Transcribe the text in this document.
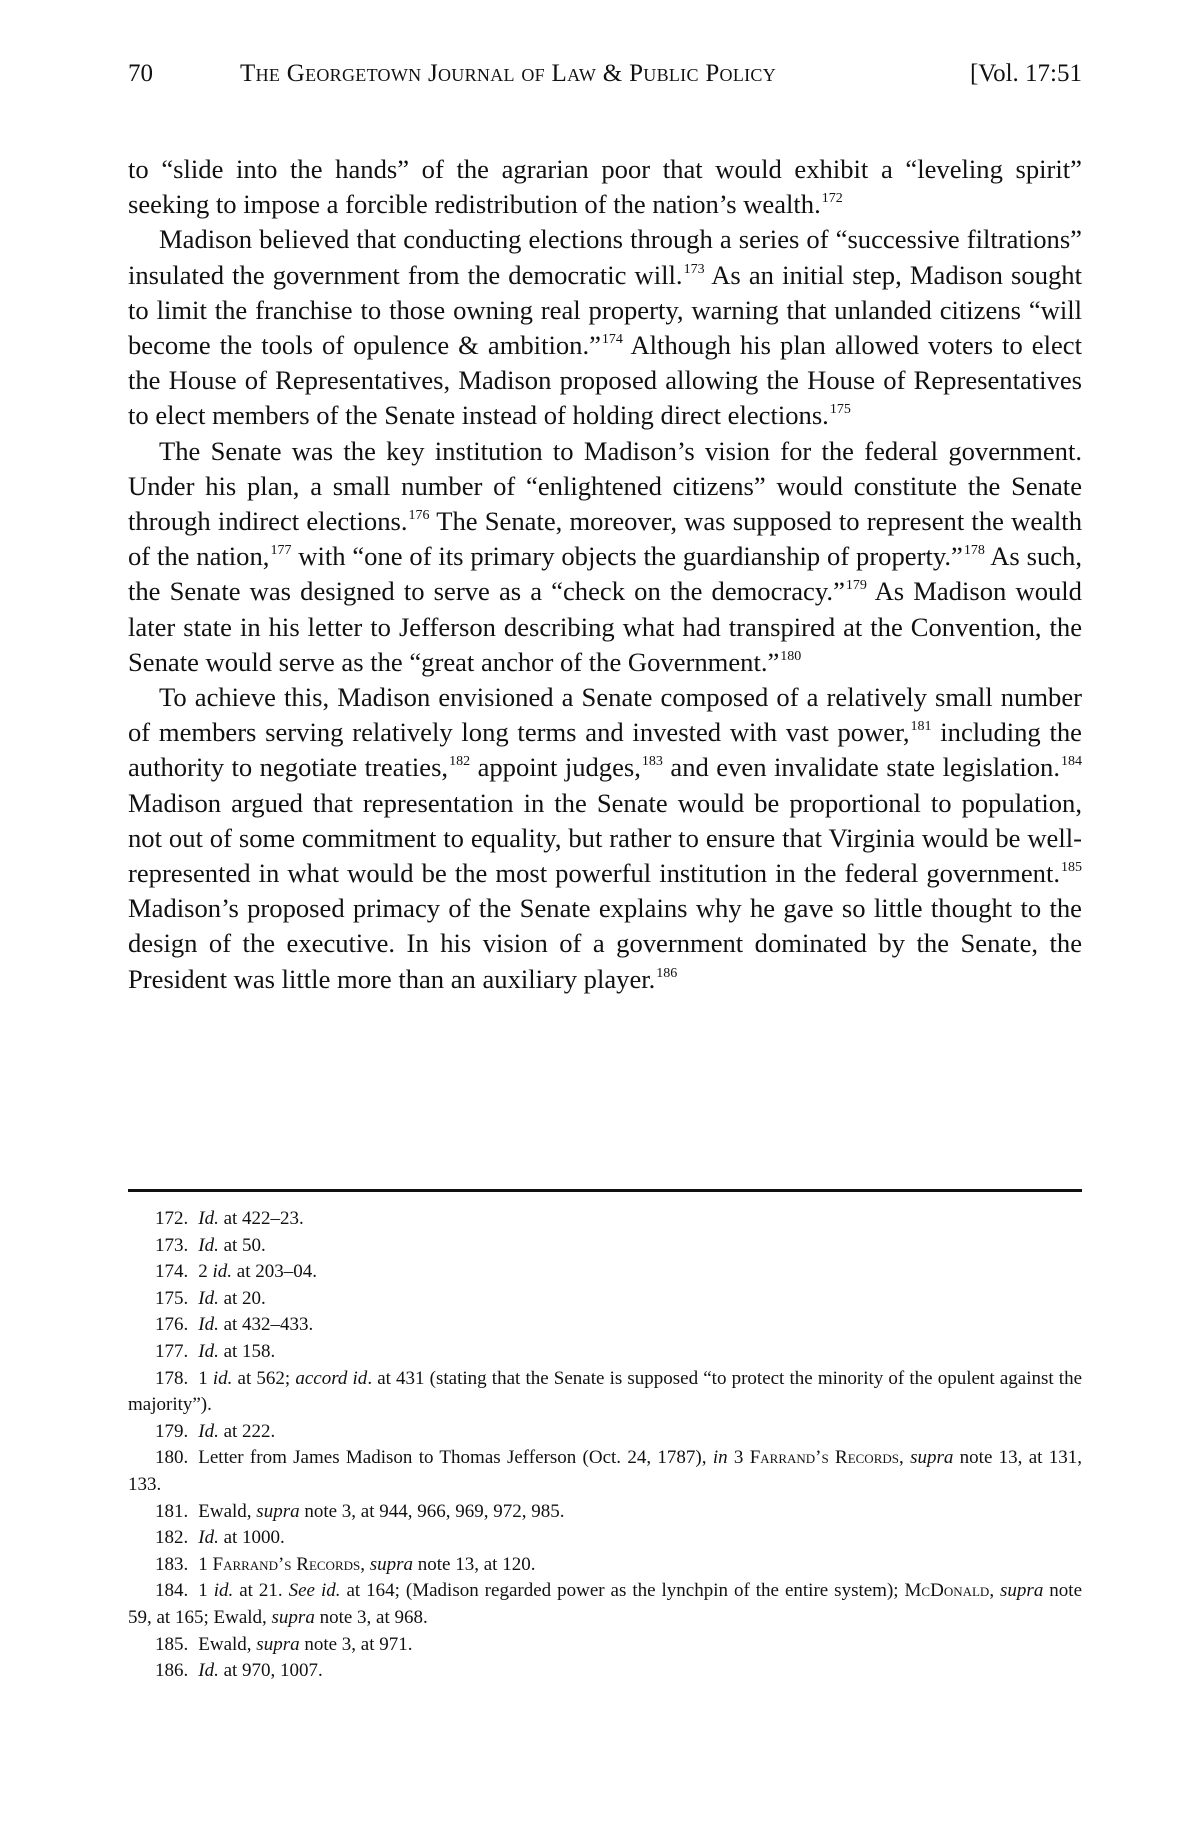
70	The Georgetown Journal of Law & Public Policy	[Vol. 17:51

to “slide into the hands” of the agrarian poor that would exhibit a “leveling spirit” seeking to impose a forcible redistribution of the nation’s wealth.$^{172}$

Madison believed that conducting elections through a series of “successive filtrations” insulated the government from the democratic will.$^{173}$ As an initial step, Madison sought to limit the franchise to those owning real property, warning that unlanded citizens “will become the tools of opulence & ambition.”$^{174}$ Although his plan allowed voters to elect the House of Representatives, Madison proposed allowing the House of Representatives to elect members of the Senate instead of holding direct elections.$^{175}$

The Senate was the key institution to Madison’s vision for the federal government. Under his plan, a small number of “enlightened citizens” would constitute the Senate through indirect elections.$^{176}$ The Senate, moreover, was supposed to represent the wealth of the nation,$^{177}$ with “one of its primary objects the guardianship of property.”$^{178}$ As such, the Senate was designed to serve as a “check on the democracy.”$^{179}$ As Madison would later state in his letter to Jefferson describing what had transpired at the Convention, the Senate would serve as the “great anchor of the Government.”$^{180}$

To achieve this, Madison envisioned a Senate composed of a relatively small number of members serving relatively long terms and invested with vast power,$^{181}$ including the authority to negotiate treaties,$^{182}$ appoint judges,$^{183}$ and even invalidate state legislation.$^{184}$ Madison argued that representation in the Senate would be proportional to population, not out of some commitment to equality, but rather to ensure that Virginia would be well-represented in what would be the most powerful institution in the federal government.$^{185}$ Madison’s proposed primacy of the Senate explains why he gave so little thought to the design of the executive. In his vision of a government dominated by the Senate, the President was little more than an auxiliary player.$^{186}$

172. Id. at 422–23.

173. Id. at 50.

174. 2 id. at 203–04.

175. Id. at 20.

176. Id. at 432–433.

177. Id. at 158.

178. 1 id. at 562; accord id. at 431 (stating that the Senate is supposed “to protect the minority of the opulent against the majority”).

179. Id. at 222.

180. Letter from James Madison to Thomas Jefferson (Oct. 24, 1787), in 3 Farrand’s Records, supra note 13, at 131, 133.

181. Ewald, supra note 3, at 944, 966, 969, 972, 985.

182. Id. at 1000.

183. 1 Farrand’s Records, supra note 13, at 120.

184. 1 id. at 21. See id. at 164; (Madison regarded power as the lynchpin of the entire system); McDonald, supra note 59, at 165; Ewald, supra note 3, at 968.

185. Ewald, supra note 3, at 971.

186. Id. at 970, 1007.
